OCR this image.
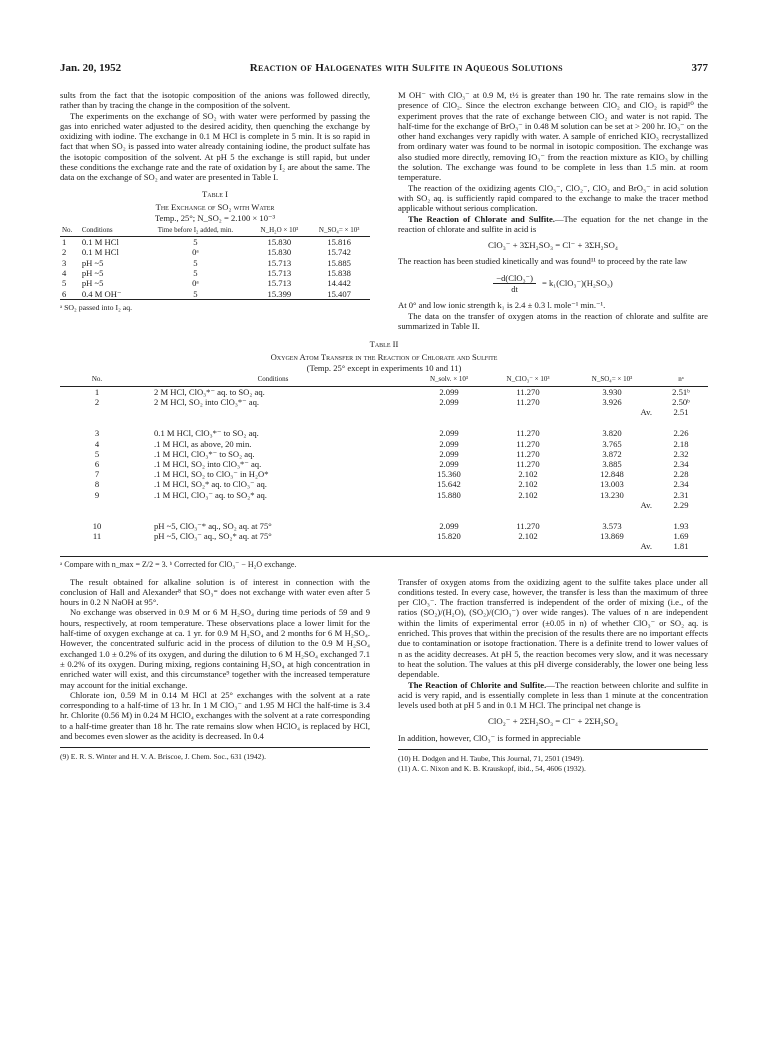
Jan. 20, 1952	Reaction of Halogenates with Sulfite in Aqueous Solutions	377

sults from the fact that the isotopic composition of the anions was followed directly, rather than by tracing the change in the composition of the solvent.

The experiments on the exchange of SO₂ with water were performed by passing the gas into enriched water adjusted to the desired acidity, then quenching the exchange by oxidizing with iodine. The exchange in 0.1 M HCl is complete in 5 min. It is so rapid in fact that when SO₂ is passed into water already containing iodine, the product sulfate has the isotopic composition of the solvent. At pH 5 the exchange is still rapid, but under these conditions the exchange rate and the rate of oxidation by I₂ are about the same. The data on the exchange of SO₂ and water are presented in Table I.

Table I
The Exchange of SO₂ with Water
Temp., 25°; N_SO₂ = 2.100 × 10⁻³
No.	Conditions	Time before I₂ added, min.	N_H₂O × 10³	N_SO₄= × 10³
1	0.1 M HCl	5	15.830	15.816
2	0.1 M HCl	0ᵃ	15.830	15.742
3	pH ~5	5	15.713	15.885
4	pH ~5	5	15.713	15.838
5	pH ~5	0ᵃ	15.713	14.442
6	0.4 M OH⁻	5	15.399	15.407
ᵃ SO₂ passed into I₂ aq.

M OH⁻ with ClO₃⁻ at 0.9 M, t½ is greater than 190 hr. The rate remains slow in the presence of ClO₂. Since the electron exchange between ClO₂ and ClO₂ is rapid¹⁰ the experiment proves that the rate of exchange between ClO₂ and water is not rapid. The half-time for the exchange of BrO₃⁻ in 0.48 M solution can be set at > 200 hr. IO₃⁻ on the other hand exchanges very rapidly with water. A sample of enriched KIO₃ recrystallized from ordinary water was found to be normal in isotopic composition. The exchange was also studied more directly, removing IO₃⁻ from the reaction mixture as KIO₃ by chilling the solution. The exchange was found to be complete in less than 1.5 min. at room temperature.

The reaction of the oxidizing agents ClO₃⁻, ClO₂⁻, ClO₂ and BrO₃⁻ in acid solution with SO₂ aq. is sufficiently rapid compared to the exchange to make the tracer method applicable without serious complication.

The Reaction of Chlorate and Sulfite.—The equation for the net change in the reaction of chlorate and sulfite in acid is

ClO₃⁻ + 3ΣH₂SO₃ = Cl⁻ + 3ΣH₂SO₄

The reaction has been studied kinetically and was found¹¹ to proceed by the rate law

$\frac{\text{−d(ClO₃⁻)}}{dt} = k_1(ClO_3^-)(H_2SO_3)$

At 0° and low ionic strength k₁ is 2.4 ± 0.3 l. mole⁻¹ min.⁻¹.

The data on the transfer of oxygen atoms in the reaction of chlorate and sulfite are summarized in Table II.

Table II
Oxygen Atom Transfer in the Reaction of Chlorate and Sulfite
(Temp. 25° except in experiments 10 and 11)
No.	Conditions	N_solv. × 10³	N_ClO₃⁻ × 10³	N_SO₄= × 10³	nᵃ
1	2 M HCl, ClO₃*⁻ aq. to SO₂ aq.	2.099	11.270	3.930	2.51ᵇ
2	2 M HCl, SO₂ into ClO₃*⁻ aq.	2.099	11.270	3.926	2.50ᵇ
				Av.	2.51

3	0.1 M HCl, ClO₃*⁻ to SO₂ aq.	2.099	11.270	3.820	2.26
4	.1 M HCl, as above, 20 min.	2.099	11.270	3.765	2.18
5	.1 M HCl, ClO₃*⁻ to SO₂ aq.	2.099	11.270	3.872	2.32
6	.1 M HCl, SO₂ into ClO₃*⁻ aq.	2.099	11.270	3.885	2.34
7	.1 M HCl, SO₂ to ClO₃⁻ in H₂O*	15.360	2.102	12.848	2.28
8	.1 M HCl, SO₂* aq. to ClO₃⁻ aq.	15.642	2.102	13.003	2.34
9	.1 M HCl, ClO₃⁻ aq. to SO₂* aq.	15.880	2.102	13.230	2.31
				Av.	2.29

10	pH ~5, ClO₃⁻* aq., SO₂ aq. at 75°	2.099	11.270	3.573	1.93
11	pH ~5, ClO₃⁻ aq., SO₂* aq. at 75°	15.820	2.102	13.869	1.69
				Av.	1.81
ᵃ Compare with n_max = Z/2 = 3. ᵇ Corrected for ClO₃⁻ − H₂O exchange.

The result obtained for alkaline solution is of interest in connection with the conclusion of Hall and Alexander⁸ that SO₃⁼ does not exchange with water even after 5 hours in 0.2 N NaOH at 95°.

No exchange was observed in 0.9 M or 6 M H₂SO₄ during time periods of 59 and 9 hours, respectively, at room temperature. These observations place a lower limit for the half-time of oxygen exchange at ca. 1 yr. for 0.9 M H₂SO₄ and 2 months for 6 M H₂SO₄. However, the concentrated sulfuric acid in the process of dilution to the 0.9 M H₂SO₄ exchanged 1.0 ± 0.2% of its oxygen, and during the dilution to 6 M H₂SO₄ exchanged 7.1 ± 0.2% of its oxygen. During mixing, regions containing H₂SO₄ at high concentration in enriched water will exist, and this circumstance⁹ together with the increased temperature may account for the initial exchange.

Chlorate ion, 0.59 M in 0.14 M HCl at 25° exchanges with the solvent at a rate corresponding to a half-time of 13 hr. In 1 M ClO₃⁻ and 1.95 M HCl the half-time is 3.4 hr. Chlorite (0.56 M) in 0.24 M HClO₄ exchanges with the solvent at a rate corresponding to a half-time greater than 18 hr. The rate remains slow when HClO₄ is replaced by HCl, and becomes even slower as the acidity is decreased. In 0.4

(9) E. R. S. Winter and H. V. A. Briscoe, J. Chem. Soc., 631 (1942).

Transfer of oxygen atoms from the oxidizing agent to the sulfite takes place under all conditions tested. In every case, however, the transfer is less than the maximum of three per ClO₃⁻. The fraction transferred is independent of the order of mixing (i.e., of the ratios (SO₂)/(H₂O), (SO₂)/(ClO₃⁻) over wide ranges). The values of n are independent within the limits of experimental error (±0.05 in n) of whether ClO₃⁻ or SO₂ aq. is enriched. This proves that within the precision of the results there are no important effects due to contamination or isotope fractionation. There is a definite trend to lower values of n as the acidity decreases. At pH 5, the reaction becomes very slow, and it was necessary to heat the solution. The values at this pH diverge considerably, the lower one being less dependable.

The Reaction of Chlorite and Sulfite.—The reaction between chlorite and sulfite in acid is very rapid, and is essentially complete in less than 1 minute at the concentration levels used both at pH 5 and in 0.1 M HCl. The principal net change is

ClO₂⁻ + 2ΣH₂SO₃ = Cl⁻ + 2ΣH₂SO₄

In addition, however, ClO₃⁻ is formed in appreciable

(10) H. Dodgen and H. Taube, This Journal, 71, 2501 (1949).
(11) A. C. Nixon and K. B. Krauskopf, ibid., 54, 4606 (1932).
